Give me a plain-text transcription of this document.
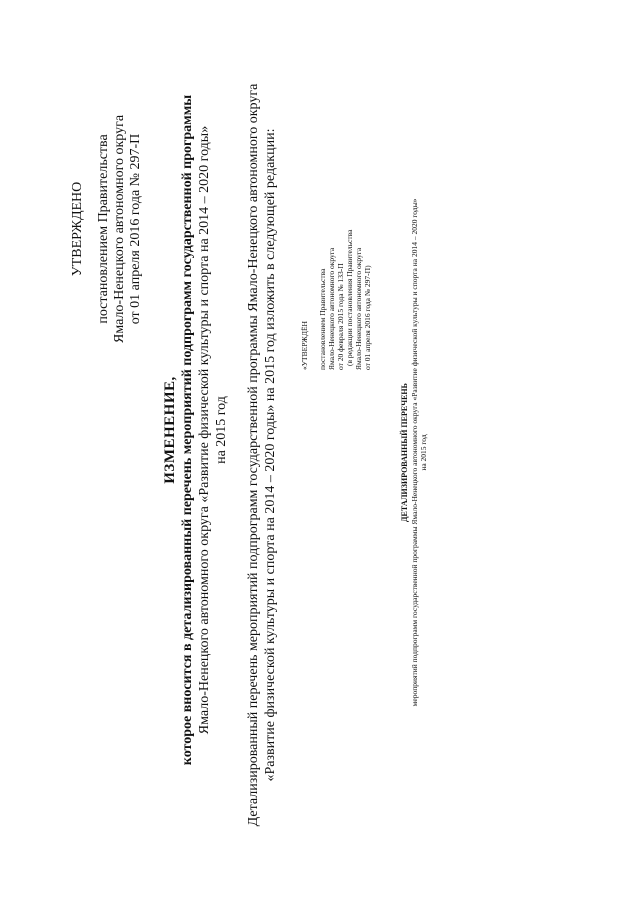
УТВЕРЖДЕНО постановлением Правительства Ямало-Ненецкого автономного округа от 01 апреля 2016 года № 297-П
ИЗМЕНЕНИЕ, которое вносится в детализированный перечень мероприятий подпрограмм государственной программы Ямало-Ненецкого автономного округа «Развитие физической культуры и спорта на 2014 – 2020 годы» на 2015 год Детализированный перечень мероприятий подпрограмм государственной программы Ямало-Ненецкого автономного округа «Развитие физической культуры и спорта на 2014 – 2020 годы» на 2015 год изложить в следующей редакции:	«УТВЕРЖДЁН постановлением Правительства Ямало-Ненецкого автономного округа от 20 февраля 2015 года № 133-П (в редакции постановления Правительства Ямало-Ненецкого автономного округа от 01 апреля 2016 года № 297-П)
ДЕТАЛИЗИРОВАННЫЙ ПЕРЕЧЕНЬ мероприятий подпрограмм государственной программы Ямало-Ненецкого автономного округа «Развитие физической культуры и спорта на 2014 – 2020 годы» на 2015 год
